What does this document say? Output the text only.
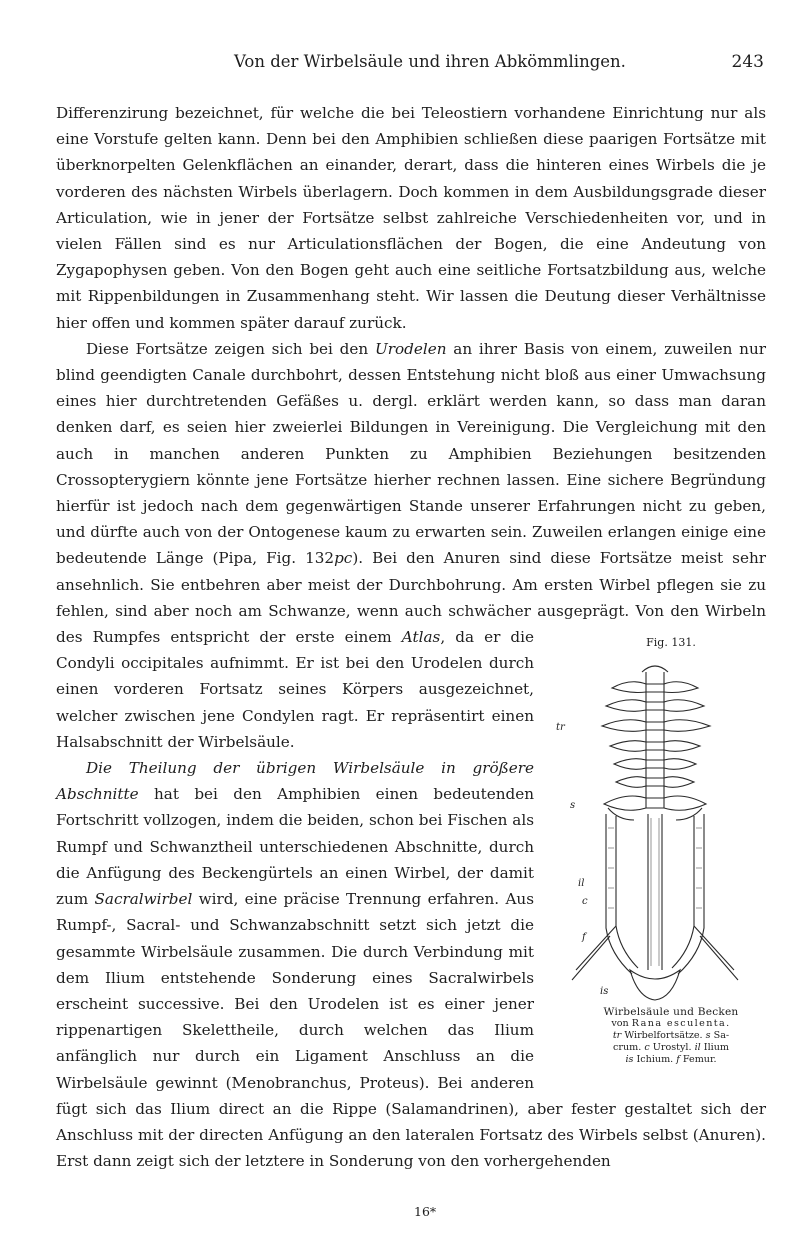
Von der Wirbelsäule und ihren Abkömmlingen.	243

Differenzirung bezeichnet, für welche die bei Teleostiern vorhandene Einrichtung nur als eine Vorstufe gelten kann. Denn bei den Amphibien schließen diese paarigen Fortsätze mit überknorpelten Gelenkflächen an einander, derart, dass die hinteren eines Wirbels die je vorderen des nächsten Wirbels überlagern. Doch kommen in dem Ausbildungsgrade dieser Articulation, wie in jener der Fortsätze selbst zahlreiche Verschiedenheiten vor, und in vielen Fällen sind es nur Articulationsflächen der Bogen, die eine Andeutung von Zygapophysen geben. Von den Bogen geht auch eine seitliche Fortsatzbildung aus, welche mit Rippenbildungen in Zusammenhang steht. Wir lassen die Deutung dieser Verhältnisse hier offen und kommen später darauf zurück.

Diese Fortsätze zeigen sich bei den Urodelen an ihrer Basis von einem, zuweilen nur blind geendigten Canale durchbohrt, dessen Entstehung nicht bloß aus einer Umwachsung eines hier durchtretenden Gefäßes u. dergl. erklärt werden kann, so dass man daran denken darf, es seien hier zweierlei Bildungen in Vereinigung. Die Vergleichung mit den auch in manchen anderen Punkten zu Amphibien Beziehungen besitzenden Crossopterygiern könnte jene Fortsätze hierher rechnen lassen. Eine sichere Begründung hierfür ist jedoch nach dem gegenwärtigen Stande unserer Erfahrungen nicht zu geben, und dürfte auch von der Ontogenese kaum zu erwarten sein. Zuweilen erlangen einige eine bedeutende Länge (Pipa, Fig. 132pc). Bei den Anuren sind diese Fortsätze meist sehr ansehnlich. Sie entbehren aber meist der Durchbohrung. Am ersten Wirbel pflegen sie zu fehlen, sind aber noch am Schwanze, wenn auch schwächer ausgeprägt. Von den Wirbeln des Rumpfes entspricht der erste einem	Fig. 131.
tr
s
il
c
f
is
Wirbelsäule und Becken
von Rana esculenta.
tr Wirbelfortsätze. s Sa-
crum. c Urostyl. il Ilium
is Ichium. f Femur.
Atlas, da er die Condyli occipitales aufnimmt. Er ist bei den Urodelen durch einen vorderen Fortsatz seines Körpers ausgezeichnet, welcher zwischen jene Condylen ragt. Er repräsentirt einen Halsabschnitt der Wirbelsäule.

Die Theilung der übrigen Wirbelsäule in größere Abschnitte hat bei den Amphibien einen bedeutenden Fortschritt vollzogen, indem die beiden, schon bei Fischen als Rumpf und Schwanztheil unterschiedenen Abschnitte, durch die Anfügung des Beckengürtels an einen Wirbel, der damit zum Sacralwirbel wird, eine präcise Trennung erfahren. Aus Rumpf-, Sacral- und Schwanzabschnitt setzt sich jetzt die gesammte Wirbelsäule zusammen. Die durch Verbindung mit dem Ilium entstehende Sonderung eines Sacralwirbels erscheint successive. Bei den Urodelen ist es einer jener rippenartigen Skelettheile, durch welchen das Ilium anfänglich nur durch ein Ligament Anschluss an die Wirbelsäule gewinnt (Menobranchus, Proteus). Bei anderen fügt sich das Ilium direct an die Rippe (Salamandrinen), aber fester gestaltet sich der Anschluss mit der directen Anfügung an den lateralen Fortsatz des Wirbels selbst (Anuren). Erst dann zeigt sich der letztere in Sonderung von den vorhergehenden

16*
